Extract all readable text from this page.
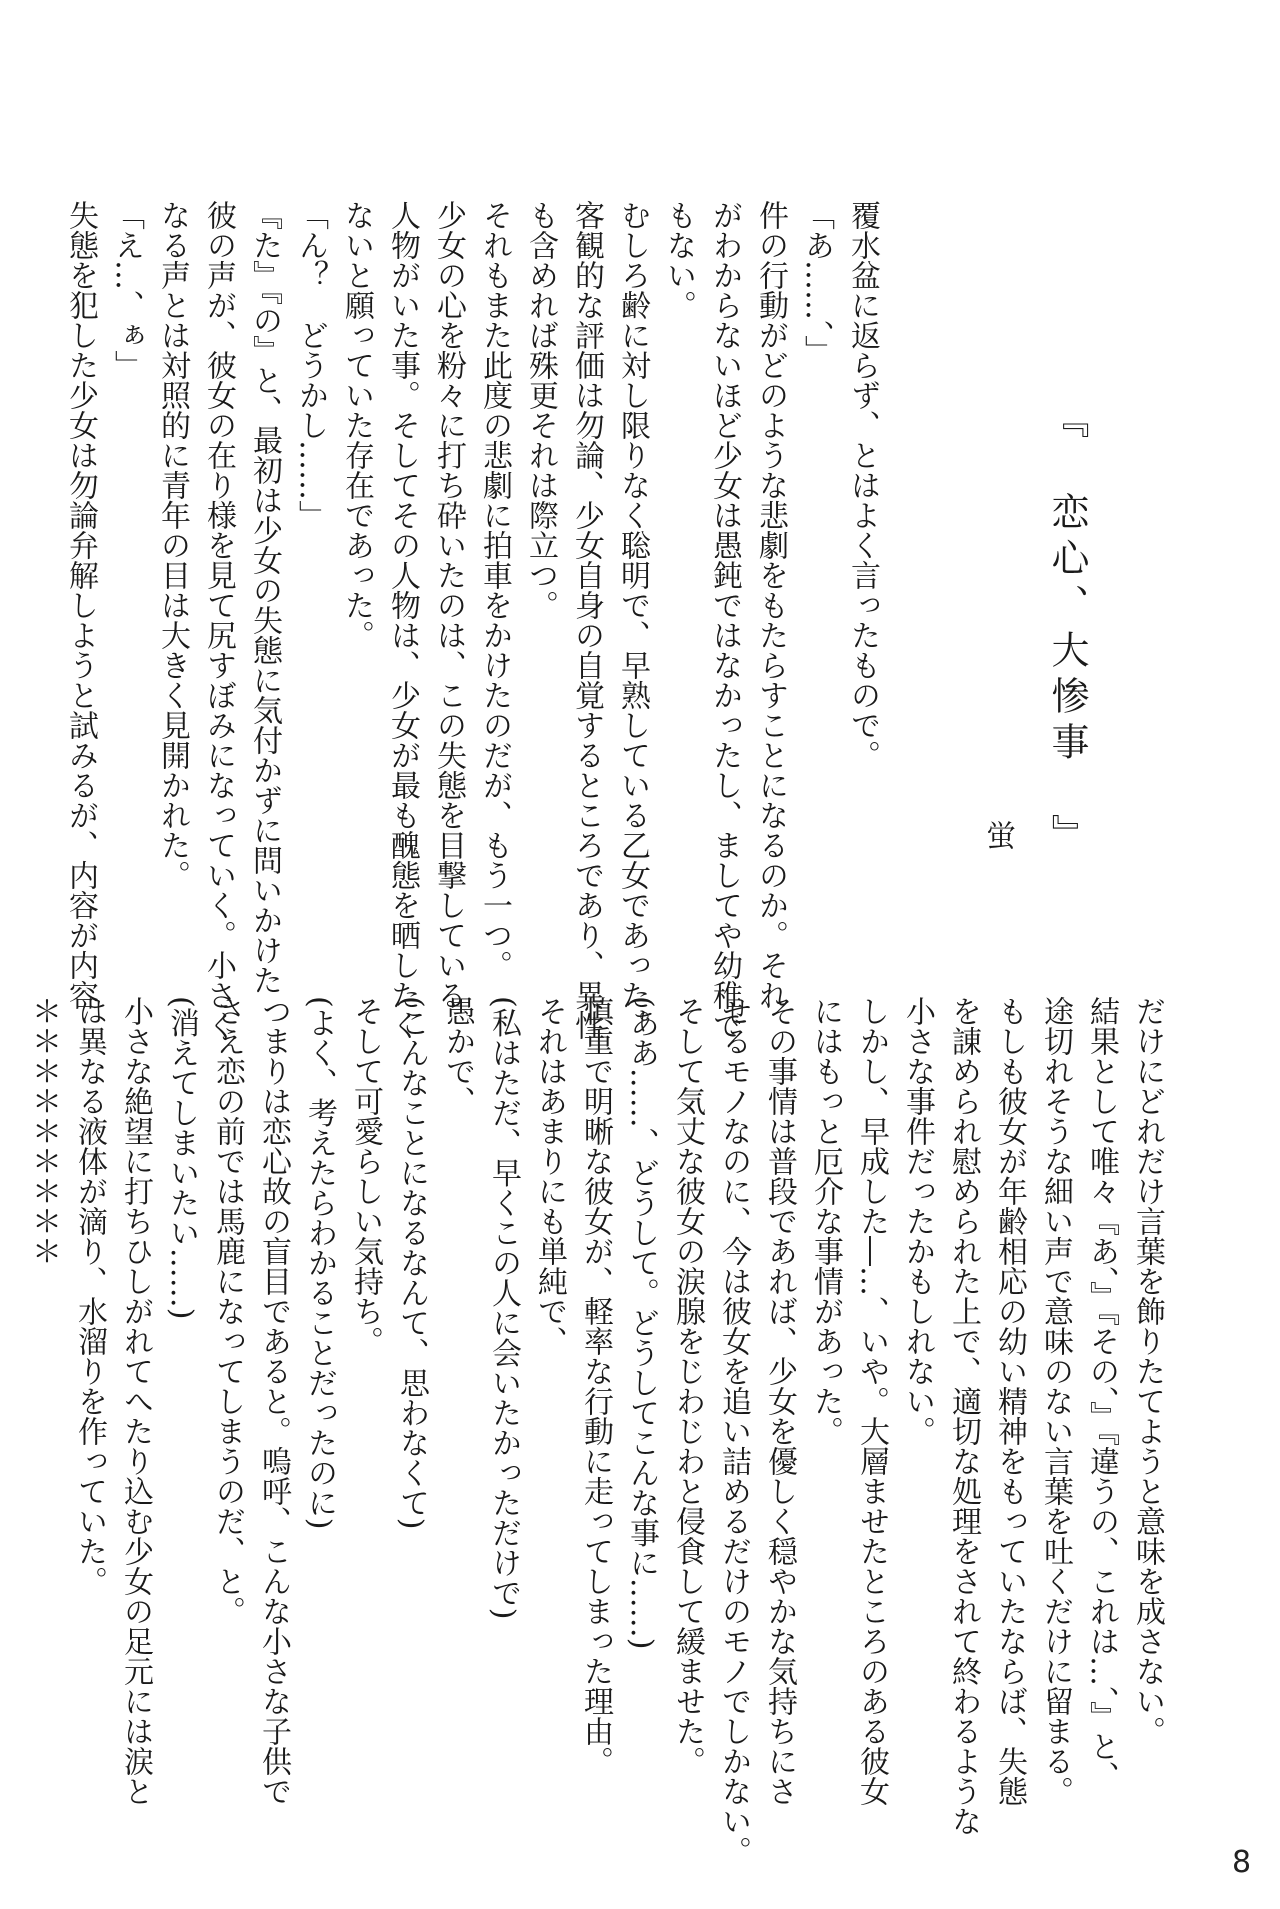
『　恋心、大惨事　』
蛍
覆水盆に返らず、とはよく言ったもので。
「あ……、」
件の行動がどのような悲劇をもたらすことになるのか。それ
がわからないほど少女は愚鈍ではなかったし、ましてや幼稚で
もない。
むしろ齢に対し限りなく聡明で、早熟している乙女であった。
客観的な評価は勿論、少女自身の自覚するところであり、異性
も含めれば殊更それは際立つ。
それもまた此度の悲劇に拍車をかけたのだが、もう一つ。
少女の心を粉々に打ち砕いたのは、この失態を目撃している
人物がいた事。そしてその人物は、少女が最も醜態を晒したく
ないと願っていた存在であった。
「ん？　どうかし……」
『た』『の』と、最初は少女の失態に気付かずに問いかけた
彼の声が、彼女の在り様を見て尻すぼみになっていく。小さく
なる声とは対照的に青年の目は大きく見開かれた。
「え…、ぁ」
失態を犯した少女は勿論弁解しようと試みるが、内容が内容
だけにどれだけ言葉を飾りたてようと意味を成さない。
結果として唯々『あ、』『その、』『違うの、これは…、』と、
途切れそうな細い声で意味のない言葉を吐くだけに留まる。
もしも彼女が年齢相応の幼い精神をもっていたならば、失態
を諌められ慰められた上で、適切な処理をされて終わるような
小さな事件だったかもしれない。
しかし、早成した―…、いや。大層ませたところのある彼女
にはもっと厄介な事情があった。
その事情は普段であれば、少女を優しく穏やかな気持ちにさ
せるモノなのに、今は彼女を追い詰めるだけのモノでしかない。
そして気丈な彼女の涙腺をじわじわと侵食して緩ませた。
(ああ……、どうして。どうしてこんな事に……)
慎重で明晰な彼女が、軽率な行動に走ってしまった理由。
それはあまりにも単純で、
(私はただ、早くこの人に会いたかっただけで)
愚かで、
(こんなことになるなんて、思わなくて)
そして可愛らしい気持ち。
(よく、考えたらわかることだったのに)
つまりは恋心故の盲目であると。嗚呼、こんな小さな子供で
さえ恋の前では馬鹿になってしまうのだ、と。
(消えてしまいたい……)
小さな絶望に打ちひしがれてへたり込む少女の足元には涙と
は異なる液体が滴り、水溜りを作っていた。
＊＊＊＊＊＊＊＊＊
8
